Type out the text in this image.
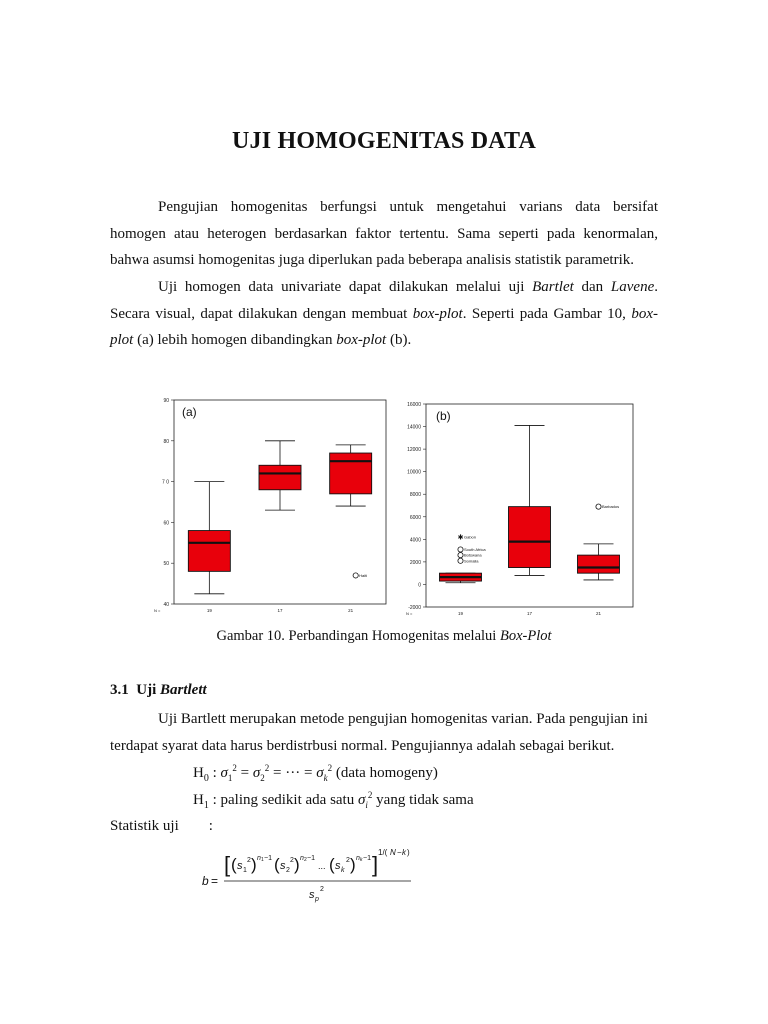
UJI HOMOGENITAS DATA

Pengujian homogenitas berfungsi untuk mengetahui varians data bersifat
homogen atau heterogen berdasarkan faktor tertentu. Sama seperti pada kenormalan,
bahwa asumsi homogenitas juga diperlukan pada beberapa analisis statistik parametrik.

Uji homogen data univariate dapat dilakukan melalui uji Bartlet dan Lavene.
Secara visual, dapat dilakukan dengan membuat box-plot. Seperti pada Gambar 10, box-
plot (a) lebih homogen dibandingkan box-plot (b).

40
50
60
7 0
80
90
N =
(a)
19	17	21
Haiti
-2000
0
2000
4000
6000
8000
10000
12000
14000
16000
N =
(b)
19	17	21
✱ Gabon
South Africa
Botswana
Somalia
Barbados
Gambar 10. Perbandingan Homogenitas melalui Box-Plot
3.1 Uji Bartlett
Uji Bartlett merupakan metode pengujian homogenitas varian. Pada pengujian ini
terdapat syarat data harus berdistrbusi normal. Pengujiannya adalah sebagai berikut.
$H_0$ : $\sigma_1^2 = \sigma_2^2$ = ··· = $\sigma_k^2$ (data homogeny)
$H_1$ : paling sedikit ada satu $\sigma_i^2$ yang tidak sama
Statistik uji :
b =
[ ( s 1
2 ) n 1 −1 ( s 2
2 ) n 2 −1
... ( s k
2 ) n k −1 ] 1/( N − k )
s p
2
